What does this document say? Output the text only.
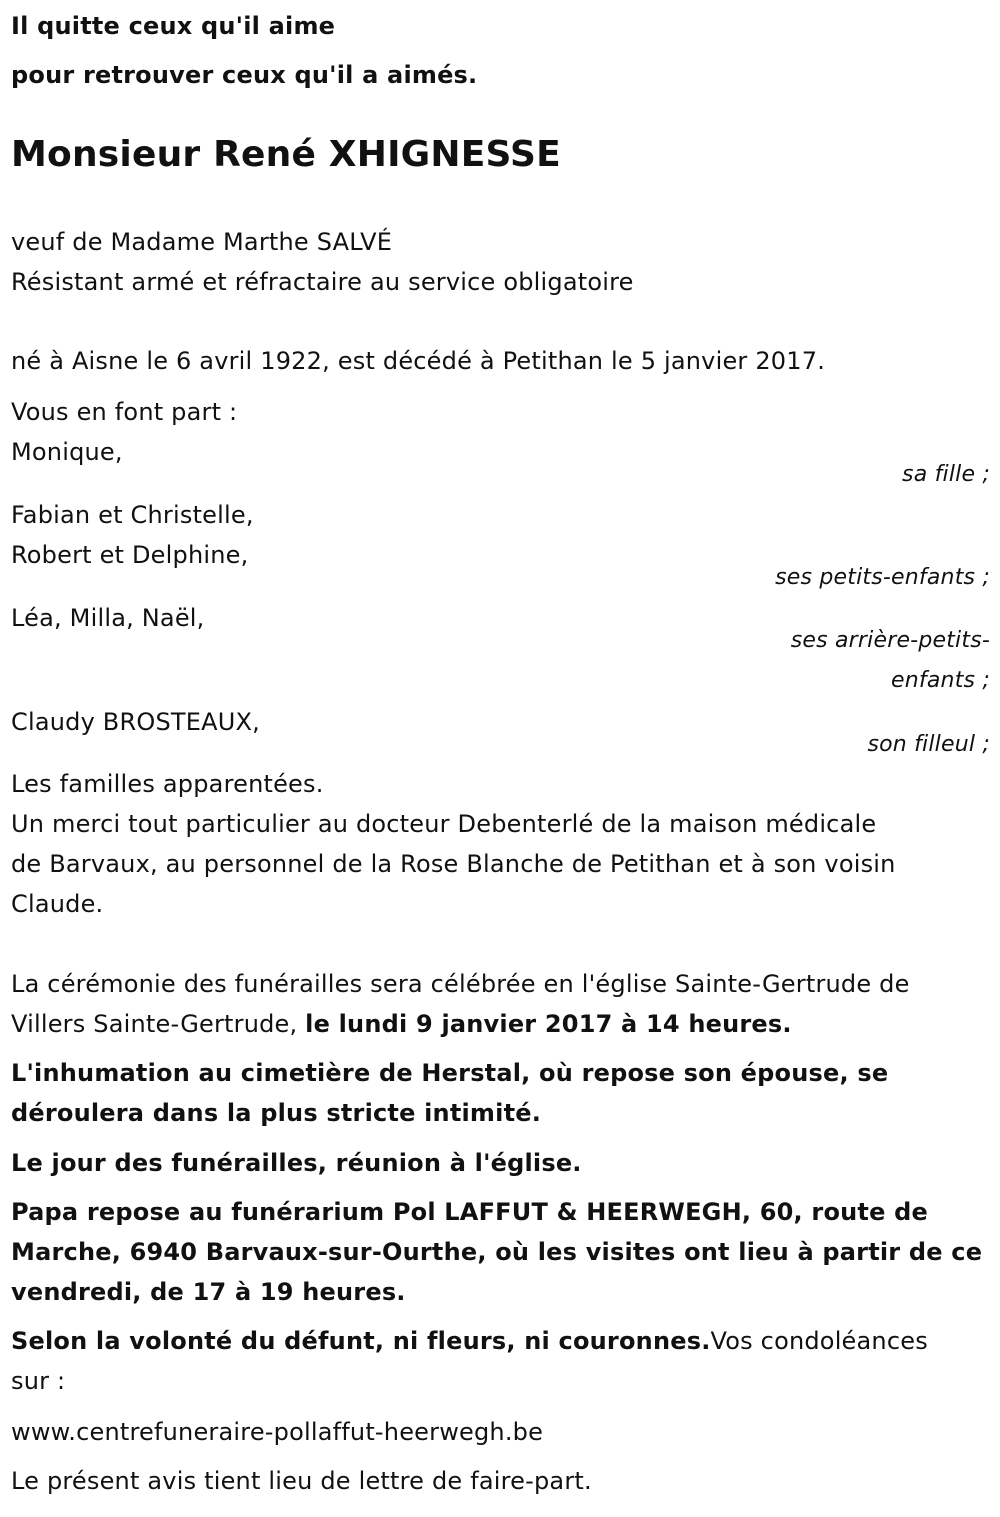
Il quitte ceux qu'il aime
pour retrouver ceux qu'il a aimés.
Monsieur René XHIGNESSE
veuf de Madame Marthe SALVÉ
Résistant armé et réfractaire au service obligatoire
né à Aisne le 6 avril 1922, est décédé à Petithan le 5 janvier 2017.
Vous en font part :
Monique,
sa fille ;
Fabian et Christelle,
Robert et Delphine,
ses petits-enfants ;
Léa, Milla, Naël,
ses arrière-petits-
enfants ;
Claudy BROSTEAUX,
son filleul ;
Les familles apparentées.
Un merci tout particulier au docteur Debenterlé de la maison médicale
de Barvaux, au personnel de la Rose Blanche de Petithan et à son voisin
Claude.
La cérémonie des funérailles sera célébrée en l'église Sainte-Gertrude de
Villers Sainte-Gertrude, le lundi 9 janvier 2017 à 14 heures.
L'inhumation au cimetière de Herstal, où repose son épouse, se
déroulera dans la plus stricte intimité.
Le jour des funérailles, réunion à l'église.
Papa repose au funérarium Pol LAFFUT & HEERWEGH, 60, route de
Marche, 6940 Barvaux-sur-Ourthe, où les visites ont lieu à partir de ce
vendredi, de 17 à 19 heures.
Selon la volonté du défunt, ni fleurs, ni couronnes.Vos condoléances
sur :
www.centrefuneraire-pollaffut-heerwegh.be
Le présent avis tient lieu de lettre de faire-part.
